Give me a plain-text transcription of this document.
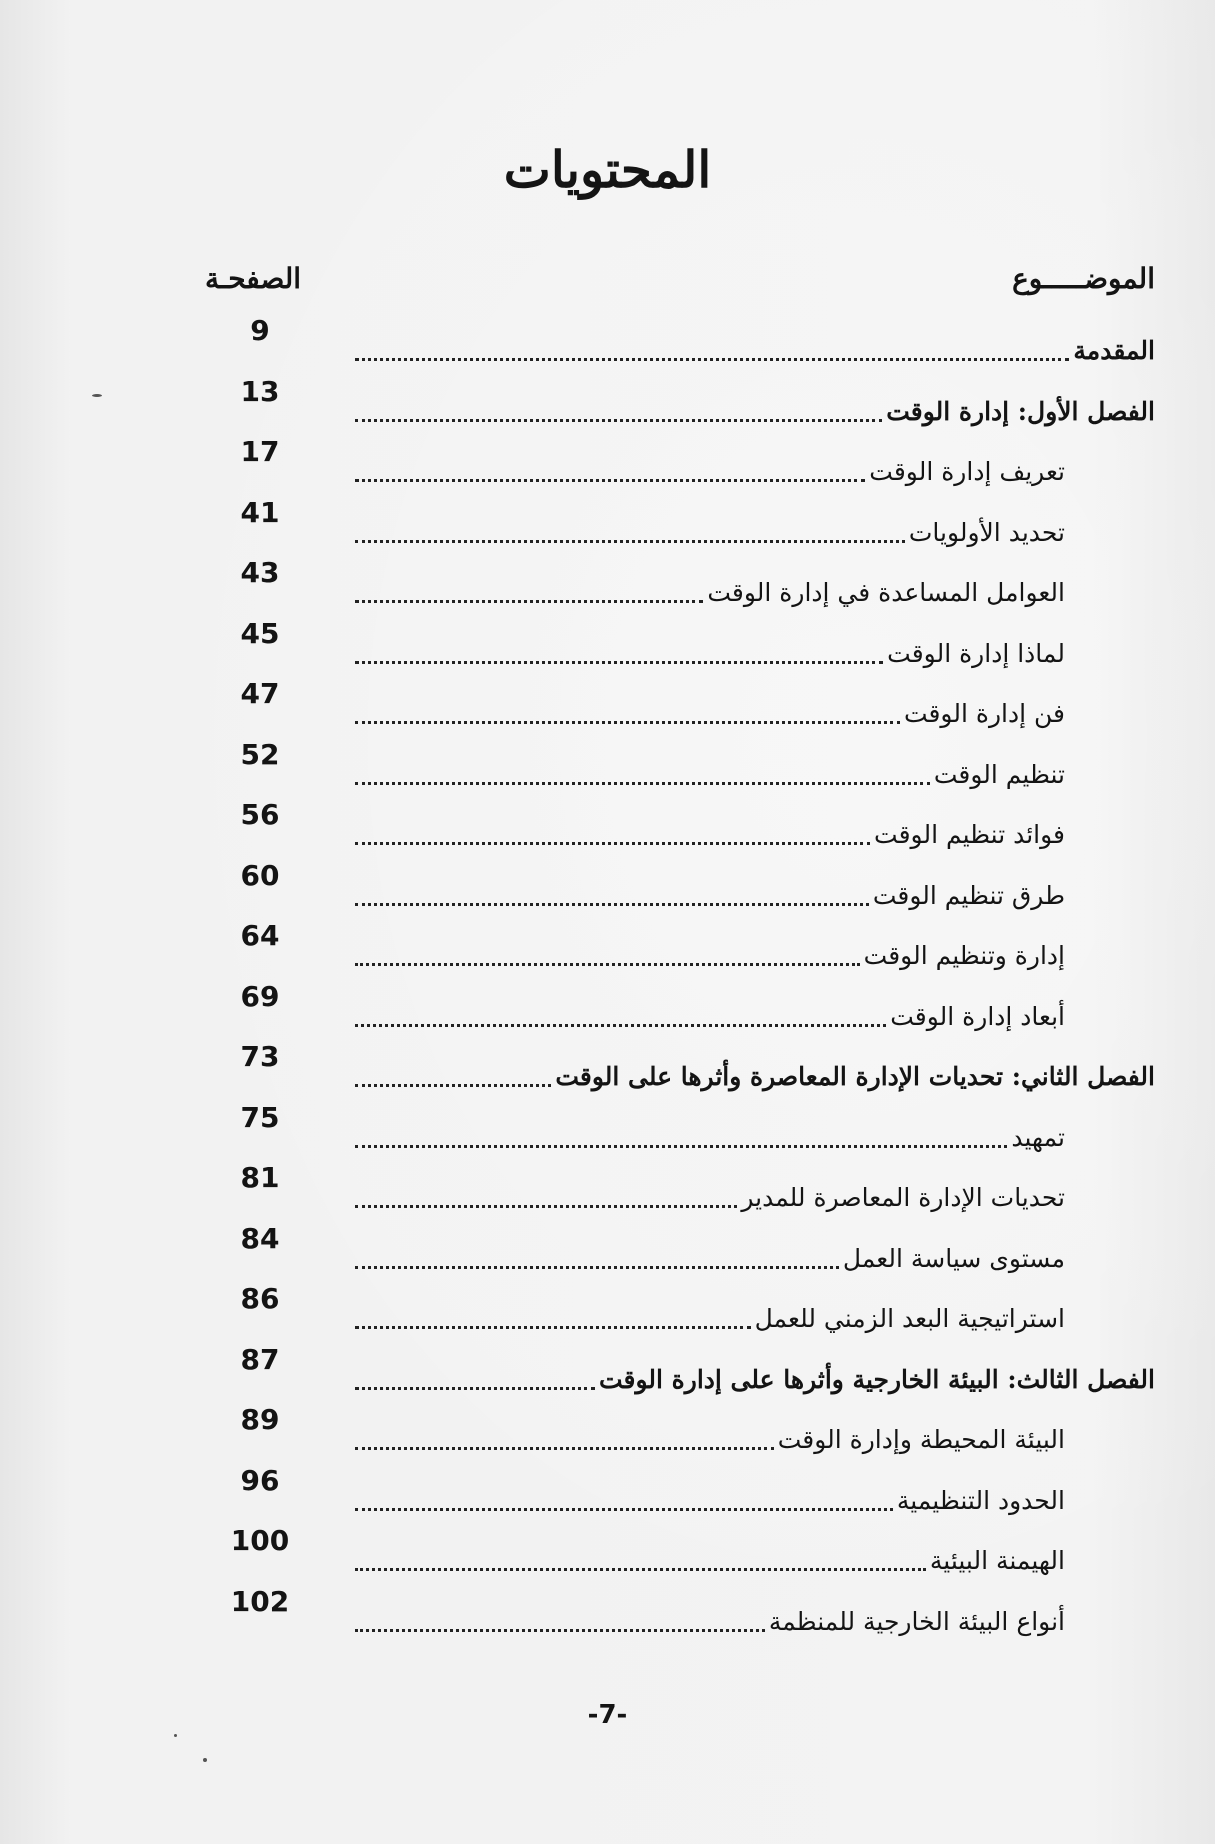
المحتويات
الموضـــــوع
الصفحـة
9
المقدمة
13
الفصل الأول: إدارة الوقت
17
تعريف إدارة الوقت
41
تحديد الأولويات
43
العوامل المساعدة في إدارة الوقت
45
لماذا إدارة الوقت
47
فن إدارة الوقت
52
تنظيم الوقت
56
فوائد تنظيم الوقت
60
طرق تنظيم الوقت
64
إدارة وتنظيم الوقت
69
أبعاد إدارة الوقت
73
الفصل الثاني: تحديات الإدارة المعاصرة وأثرها على الوقت
75
تمهيد
81
تحديات الإدارة المعاصرة للمدير
84
مستوى سياسة العمل
86
استراتيجية البعد الزمني للعمل
87
الفصل الثالث: البيئة الخارجية وأثرها على إدارة الوقت
89
البيئة المحيطة وإدارة الوقت
96
الحدود التنظيمية
100
الهيمنة البيئية
102
أنواع البيئة الخارجية للمنظمة
-7-
